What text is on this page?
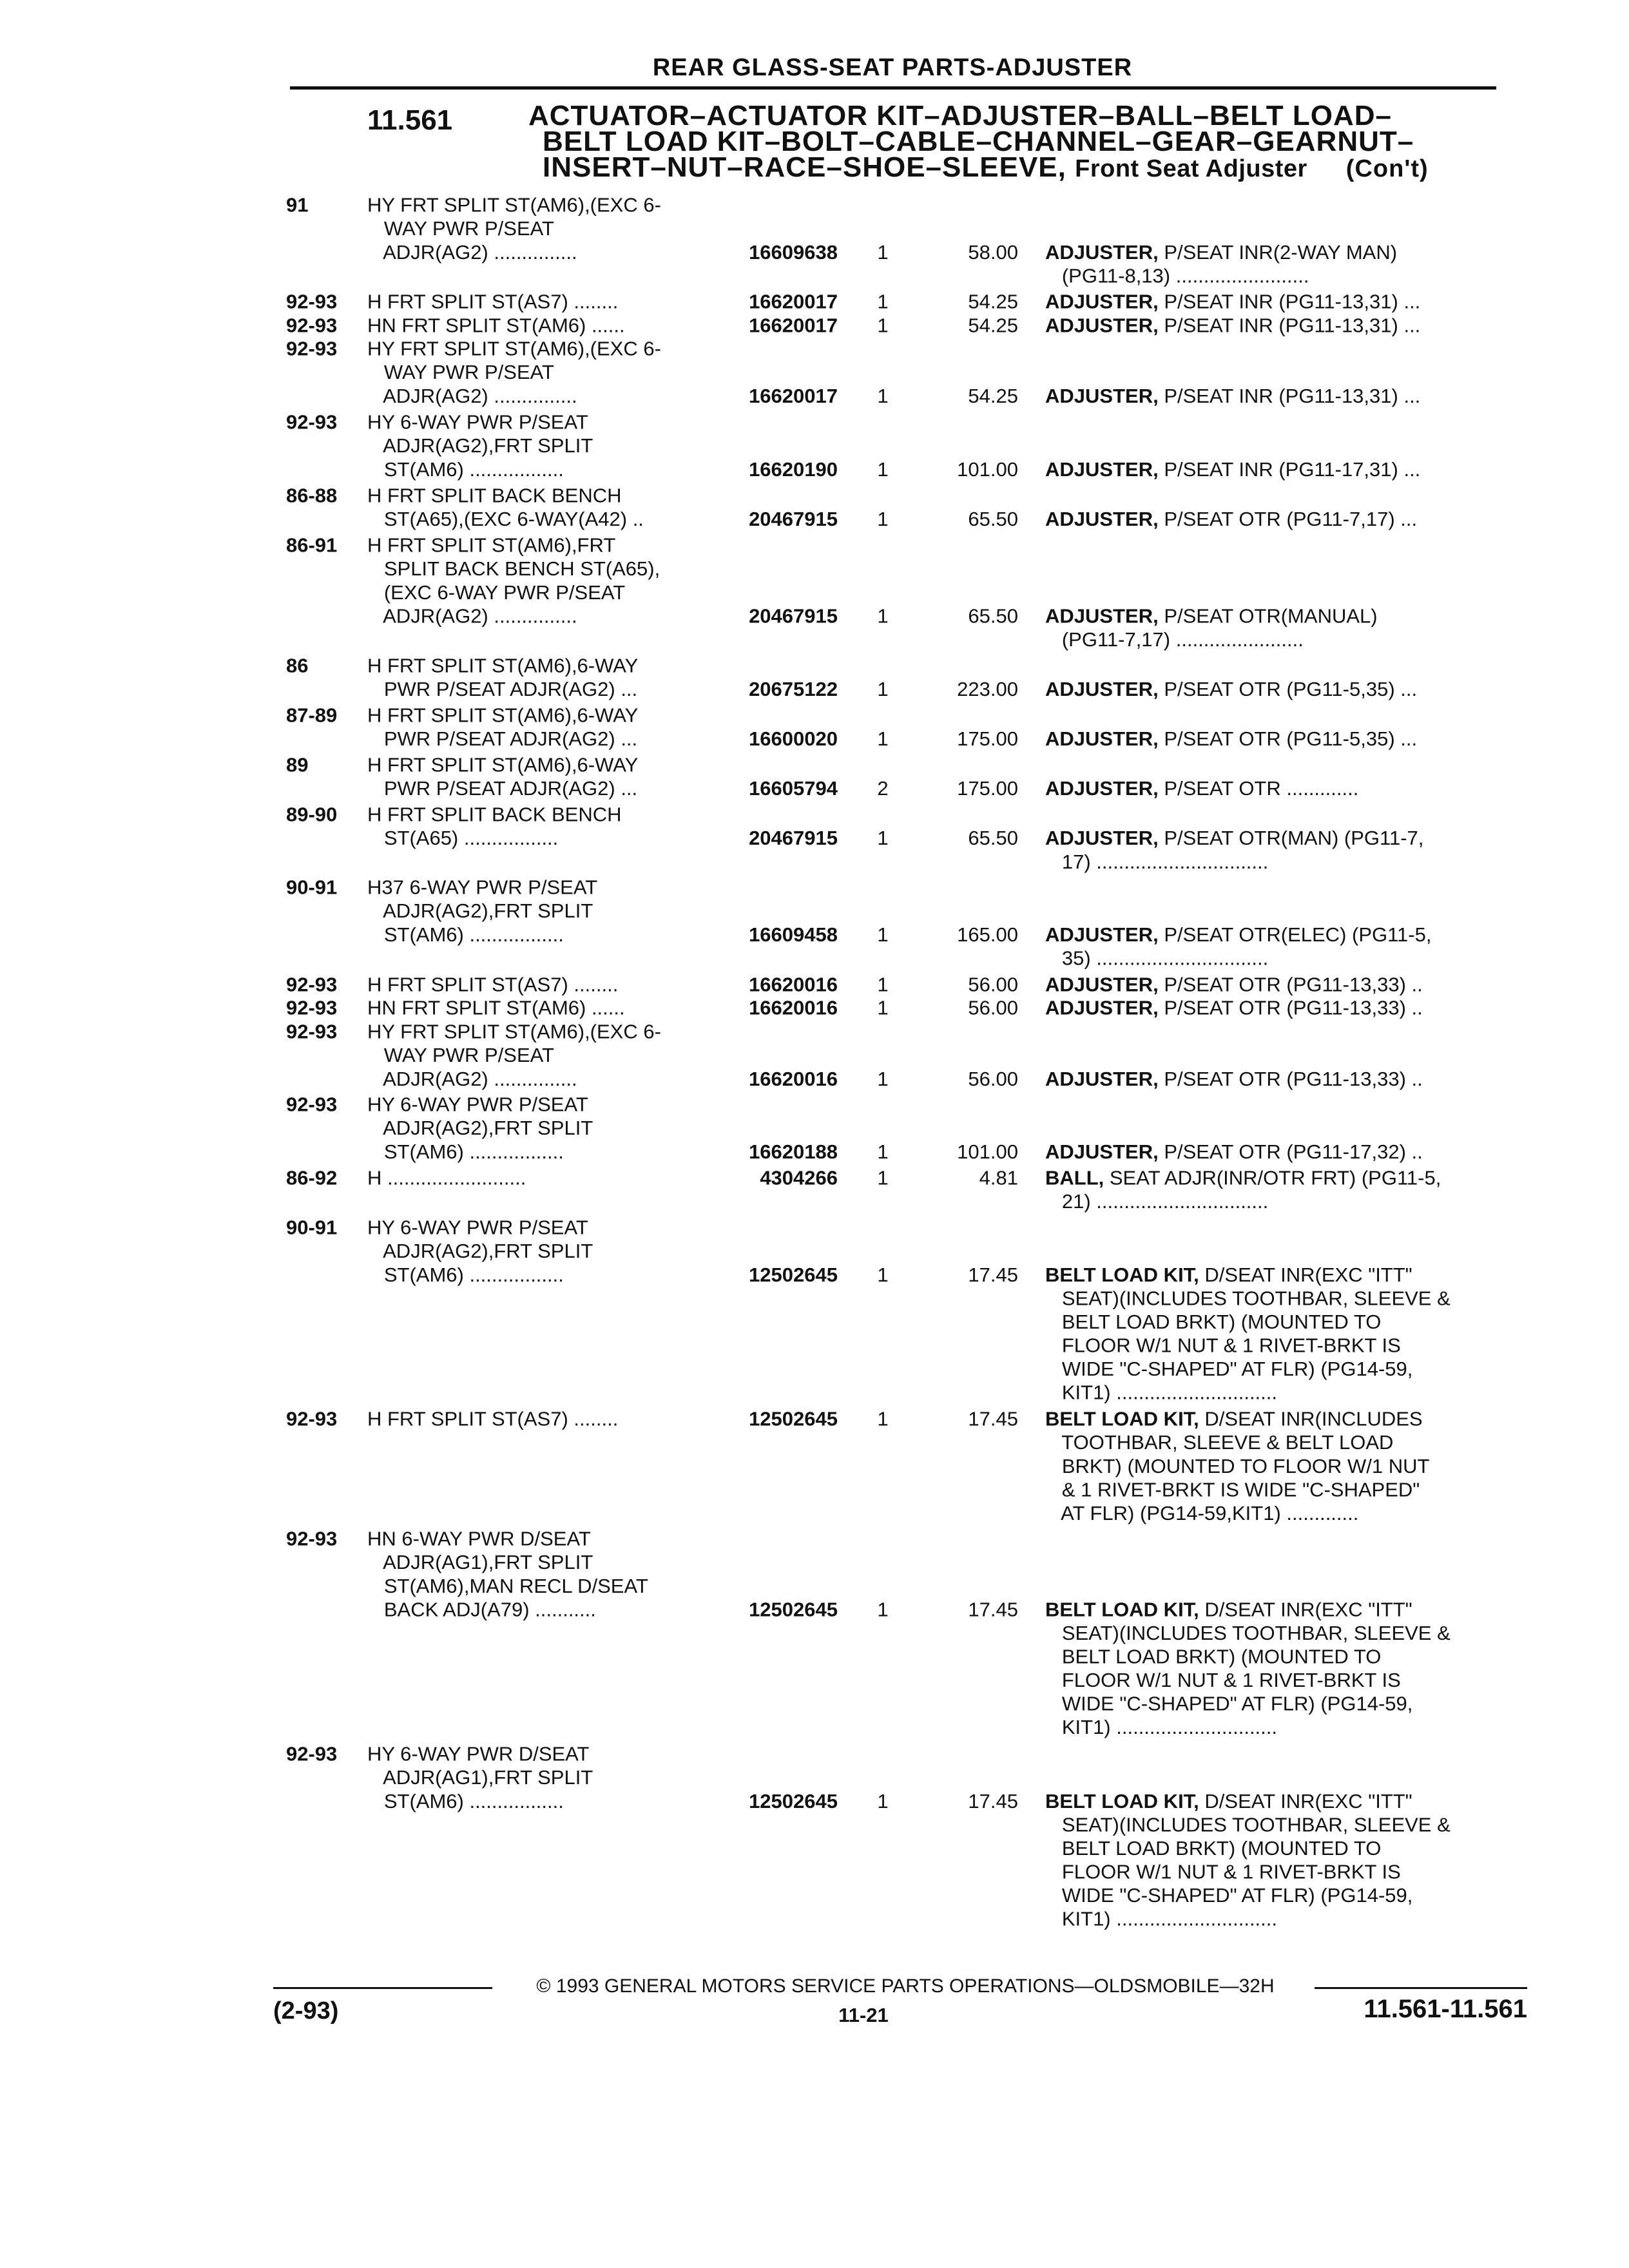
REAR GLASS-SEAT PARTS-ADJUSTER
11.561	ACTUATOR–ACTUATOR KIT–ADJUSTER–BALL–BELT LOAD–
BELT LOAD KIT–BOLT–CABLE–CHANNEL–GEAR–GEARNUT–
INSERT–NUT–RACE–SHOE–SLEEVE, Front Seat Adjuster (Con't)
91	HY FRT SPLIT ST(AM6),(EXC 6-
WAY PWR P/SEAT
ADJR(AG2) ...............	16609638	1	58.00 ADJUSTER, P/SEAT INR(2-WAY MAN)
(PG11-8,13) ........................
92-93 H FRT SPLIT ST(AS7) ........	16620017	1	54.25 ADJUSTER, P/SEAT INR (PG11-13,31) ...
92-93 HN FRT SPLIT ST(AM6) ......	16620017	1	54.25 ADJUSTER, P/SEAT INR (PG11-13,31) ...
92-93 HY FRT SPLIT ST(AM6),(EXC 6-
WAY PWR P/SEAT
ADJR(AG2) ...............	16620017	1	54.25 ADJUSTER, P/SEAT INR (PG11-13,31) ...
92-93 HY 6-WAY PWR P/SEAT
ADJR(AG2),FRT SPLIT
ST(AM6) .................	16620190	1	101.00 ADJUSTER, P/SEAT INR (PG11-17,31) ...
86-88 H FRT SPLIT BACK BENCH
ST(A65),(EXC 6-WAY(A42) ..	20467915	1	65.50 ADJUSTER, P/SEAT OTR (PG11-7,17) ...
86-91 H FRT SPLIT ST(AM6),FRT
SPLIT BACK BENCH ST(A65),
(EXC 6-WAY PWR P/SEAT
ADJR(AG2) ...............	20467915	1	65.50 ADJUSTER, P/SEAT OTR(MANUAL)
(PG11-7,17) .......................
86	H FRT SPLIT ST(AM6),6-WAY
PWR P/SEAT ADJR(AG2) ...	20675122	1	223.00 ADJUSTER, P/SEAT OTR (PG11-5,35) ...
87-89 H FRT SPLIT ST(AM6),6-WAY
PWR P/SEAT ADJR(AG2) ...	16600020	1	175.00 ADJUSTER, P/SEAT OTR (PG11-5,35) ...
89	H FRT SPLIT ST(AM6),6-WAY
PWR P/SEAT ADJR(AG2) ...	16605794	2	175.00 ADJUSTER, P/SEAT OTR .............
89-90 H FRT SPLIT BACK BENCH
ST(A65) .................	20467915	1	65.50 ADJUSTER, P/SEAT OTR(MAN) (PG11-7,
17) ...............................
90-91 H37 6-WAY PWR P/SEAT
ADJR(AG2),FRT SPLIT
ST(AM6) .................	16609458	1	165.00 ADJUSTER, P/SEAT OTR(ELEC) (PG11-5,
35) ...............................
92-93 H FRT SPLIT ST(AS7) ........	16620016	1	56.00 ADJUSTER, P/SEAT OTR (PG11-13,33) ..
92-93 HN FRT SPLIT ST(AM6) ......	16620016	1	56.00 ADJUSTER, P/SEAT OTR (PG11-13,33) ..
92-93 HY FRT SPLIT ST(AM6),(EXC 6-
WAY PWR P/SEAT
ADJR(AG2) ...............	16620016	1	56.00 ADJUSTER, P/SEAT OTR (PG11-13,33) ..
92-93 HY 6-WAY PWR P/SEAT
ADJR(AG2),FRT SPLIT
ST(AM6) .................	16620188	1	101.00 ADJUSTER, P/SEAT OTR (PG11-17,32) ..
86-92 H .........................	4304266	1	4.81 BALL, SEAT ADJR(INR/OTR FRT) (PG11-5,
21) ...............................
90-91 HY 6-WAY PWR P/SEAT
ADJR(AG2),FRT SPLIT
ST(AM6) .................	12502645	1	17.45 BELT LOAD KIT, D/SEAT INR(EXC "ITT"
SEAT)(INCLUDES TOOTHBAR, SLEEVE &
BELT LOAD BRKT) (MOUNTED TO
FLOOR W/1 NUT & 1 RIVET-BRKT IS
WIDE "C-SHAPED" AT FLR) (PG14-59,
KIT1) .............................
92-93 H FRT SPLIT ST(AS7) ........	12502645	1	17.45 BELT LOAD KIT, D/SEAT INR(INCLUDES
TOOTHBAR, SLEEVE & BELT LOAD
BRKT) (MOUNTED TO FLOOR W/1 NUT
& 1 RIVET-BRKT IS WIDE "C-SHAPED"
AT FLR) (PG14-59,KIT1) .............
92-93 HN 6-WAY PWR D/SEAT
ADJR(AG1),FRT SPLIT
ST(AM6),MAN RECL D/SEAT
BACK ADJ(A79) ...........	12502645	1	17.45 BELT LOAD KIT, D/SEAT INR(EXC "ITT"
SEAT)(INCLUDES TOOTHBAR, SLEEVE &
BELT LOAD BRKT) (MOUNTED TO
FLOOR W/1 NUT & 1 RIVET-BRKT IS
WIDE "C-SHAPED" AT FLR) (PG14-59,
KIT1) .............................
92-93 HY 6-WAY PWR D/SEAT
ADJR(AG1),FRT SPLIT
ST(AM6) .................	12502645	1	17.45 BELT LOAD KIT, D/SEAT INR(EXC "ITT"
SEAT)(INCLUDES TOOTHBAR, SLEEVE &
BELT LOAD BRKT) (MOUNTED TO
FLOOR W/1 NUT & 1 RIVET-BRKT IS
WIDE "C-SHAPED" AT FLR) (PG14-59,
KIT1) .............................
© 1993 GENERAL MOTORS SERVICE PARTS OPERATIONS—OLDSMOBILE—32H
(2-93)	11-21	11.561-11.561
